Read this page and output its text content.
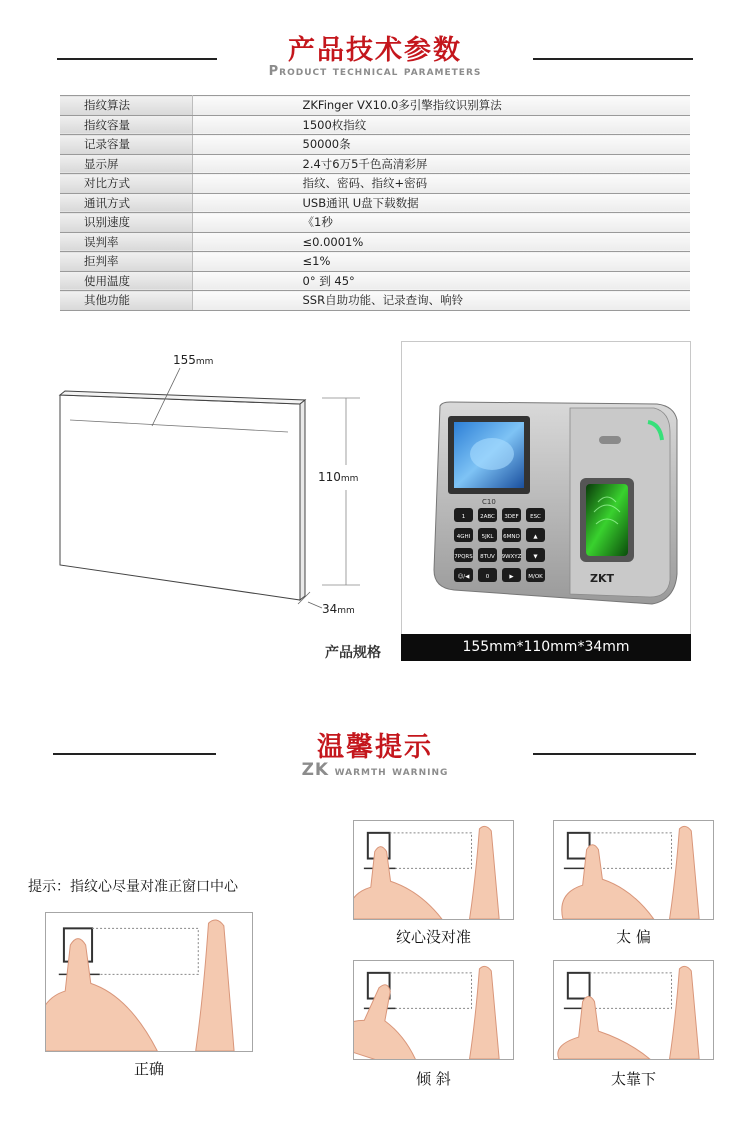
产品技术参数
Product technical parameters
指纹算法	ZKFinger VX10.0多引擎指纹识别算法
指纹容量	1500枚指纹
记录容量	50000条
显示屏	2.4寸6万5千色高清彩屏
对比方式	指纹、密码、指纹+密码
通讯方式	USB通讯 U盘下载数据
识别速度	《1秒
误判率	≤0.0001%
拒判率	≤1%
使用温度	0° 到 45°
其他功能	SSR自助功能、记录查询、响铃
155mm
110mm
34mm
C10
1	2ABC 3DEF ESC
4GHI 5JKL 6MNO ▲
7PQRS 8TUV 9WXYZ ▼
☺/◀	0	▶	M/OK	ZKT
产品规格	155mm*110mm*34mm
温馨提示
ZK warmth warning
提示：指纹心尽量对准正窗口中心
正确
纹心没对准	太 偏
倾 斜	太靠下
